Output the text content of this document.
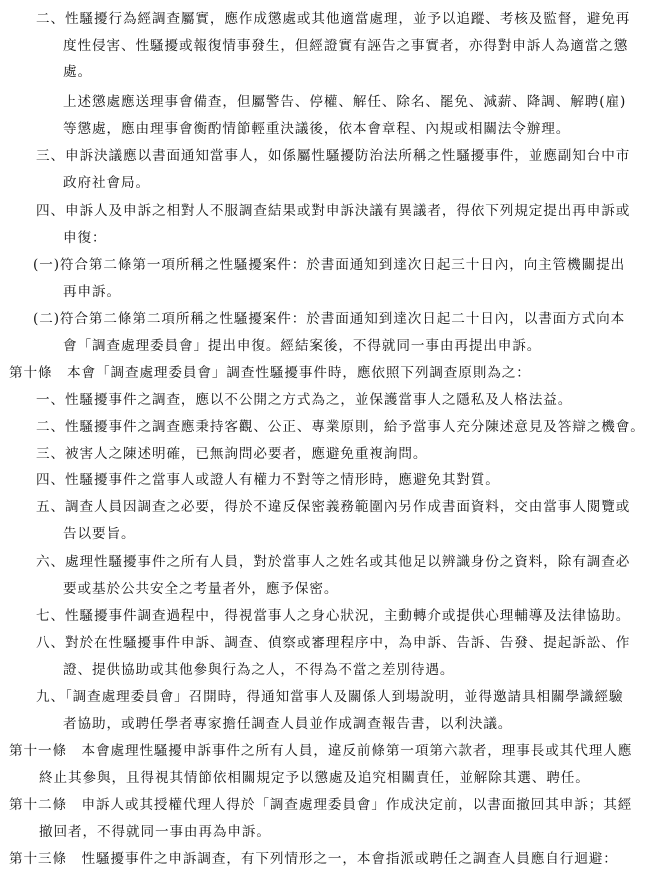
二、性騷擾行為經調查屬實，應作成懲處或其他適當處理，並予以追蹤、考核及監督，避免再
度性侵害、性騷擾或報復情事發生，但經證實有誣告之事實者，亦得對申訴人為適當之懲
處。
上述懲處應送理事會備查，但屬警告、停權、解任、除名、罷免、減薪、降調、解聘(雇)
等懲處，應由理事會衡酌情節輕重決議後，依本會章程、內規或相關法令辦理。
三、申訴決議應以書面通知當事人，如係屬性騷擾防治法所稱之性騷擾事件，並應副知台中市
政府社會局。
四、申訴人及申訴之相對人不服調查結果或對申訴決議有異議者，得依下列規定提出再申訴或
申復：
(一)符合第二條第一項所稱之性騷擾案件：於書面通知到達次日起三十日內，向主管機關提出
再申訴。
(二)符合第二條第二項所稱之性騷擾案件：於書面通知到達次日起二十日內，以書面方式向本
會「調查處理委員會」提出申復。經結案後，不得就同一事由再提出申訴。
第十條　本會「調查處理委員會」調查性騷擾事件時，應依照下列調查原則為之：
一、性騷擾事件之調查，應以不公開之方式為之，並保護當事人之隱私及人格法益。
二、性騷擾事件之調查應秉持客觀、公正、專業原則，給予當事人充分陳述意見及答辯之機會。
三、被害人之陳述明確，已無詢問必要者，應避免重複詢問。
四、性騷擾事件之當事人或證人有權力不對等之情形時，應避免其對質。
五、調查人員因調查之必要，得於不違反保密義務範圍內另作成書面資料，交由當事人閱覽或
告以要旨。
六、處理性騷擾事件之所有人員，對於當事人之姓名或其他足以辨識身份之資料，除有調查必
要或基於公共安全之考量者外，應予保密。
七、性騷擾事件調查過程中，得視當事人之身心狀況，主動轉介或提供心理輔導及法律協助。
八、對於在性騷擾事件申訴、調查、偵察或審理程序中，為申訴、告訴、告發、提起訴訟、作
證、提供協助或其他參與行為之人，不得為不當之差別待遇。
九、「調查處理委員會」召開時，得通知當事人及關係人到場說明，並得邀請具相關學識經驗
者協助，或聘任學者專家擔任調查人員並作成調查報告書，以利決議。
第十一條　本會處理性騷擾申訴事件之所有人員，違反前條第一項第六款者，理事長或其代理人應
終止其參與，且得視其情節依相關規定予以懲處及追究相關責任，並解除其選、聘任。
第十二條　申訴人或其授權代理人得於「調查處理委員會」作成決定前，以書面撤回其申訴；其經
撤回者，不得就同一事由再為申訴。
第十三條　性騷擾事件之申訴調查，有下列情形之一，本會指派或聘任之調查人員應自行迴避：
